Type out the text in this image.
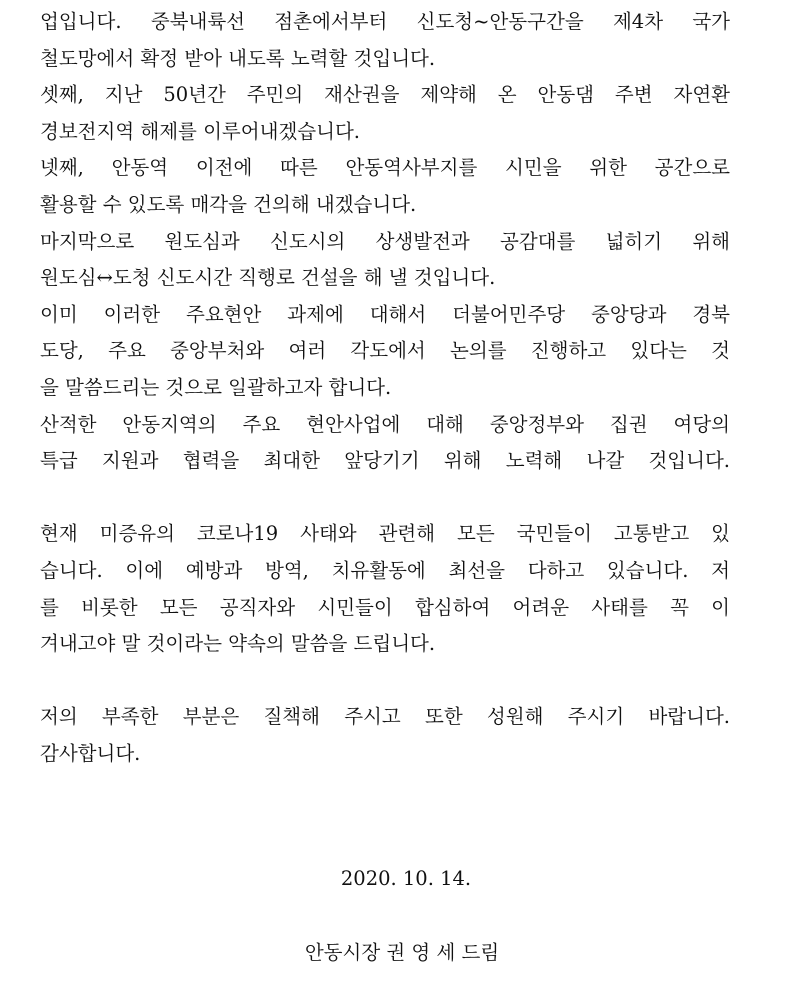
업입니다. 중북내륙선 점촌에서부터 신도청~안동구간을 제4차 국가
철도망에서 확정 받아 내도록 노력할 것입니다.
셋째, 지난 50년간 주민의 재산권을 제약해 온 안동댐 주변 자연환
경보전지역 해제를 이루어내겠습니다.
넷째, 안동역 이전에 따른 안동역사부지를 시민을 위한 공간으로
활용할 수 있도록 매각을 건의해 내겠습니다.
마지막으로 원도심과 신도시의 상생발전과 공감대를 넓히기 위해
원도심↔도청 신도시간 직행로 건설을 해 낼 것입니다.
이미 이러한 주요현안 과제에 대해서 더불어민주당 중앙당과 경북
도당, 주요 중앙부처와 여러 각도에서 논의를 진행하고 있다는 것
을 말씀드리는 것으로 일괄하고자 합니다.
산적한 안동지역의 주요 현안사업에 대해 중앙정부와 집권 여당의
특급 지원과 협력을 최대한 앞당기기 위해 노력해 나갈 것입니다.
현재 미증유의 코로나19 사태와 관련해 모든 국민들이 고통받고 있
습니다. 이에 예방과 방역, 치유활동에 최선을 다하고 있습니다. 저
를 비롯한 모든 공직자와 시민들이 합심하여 어려운 사태를 꼭 이
겨내고야 말 것이라는 약속의 말씀을 드립니다.
저의 부족한 부분은 질책해 주시고 또한 성원해 주시기 바랍니다.
감사합니다.
2020. 10. 14.
안동시장 권 영 세 드림
